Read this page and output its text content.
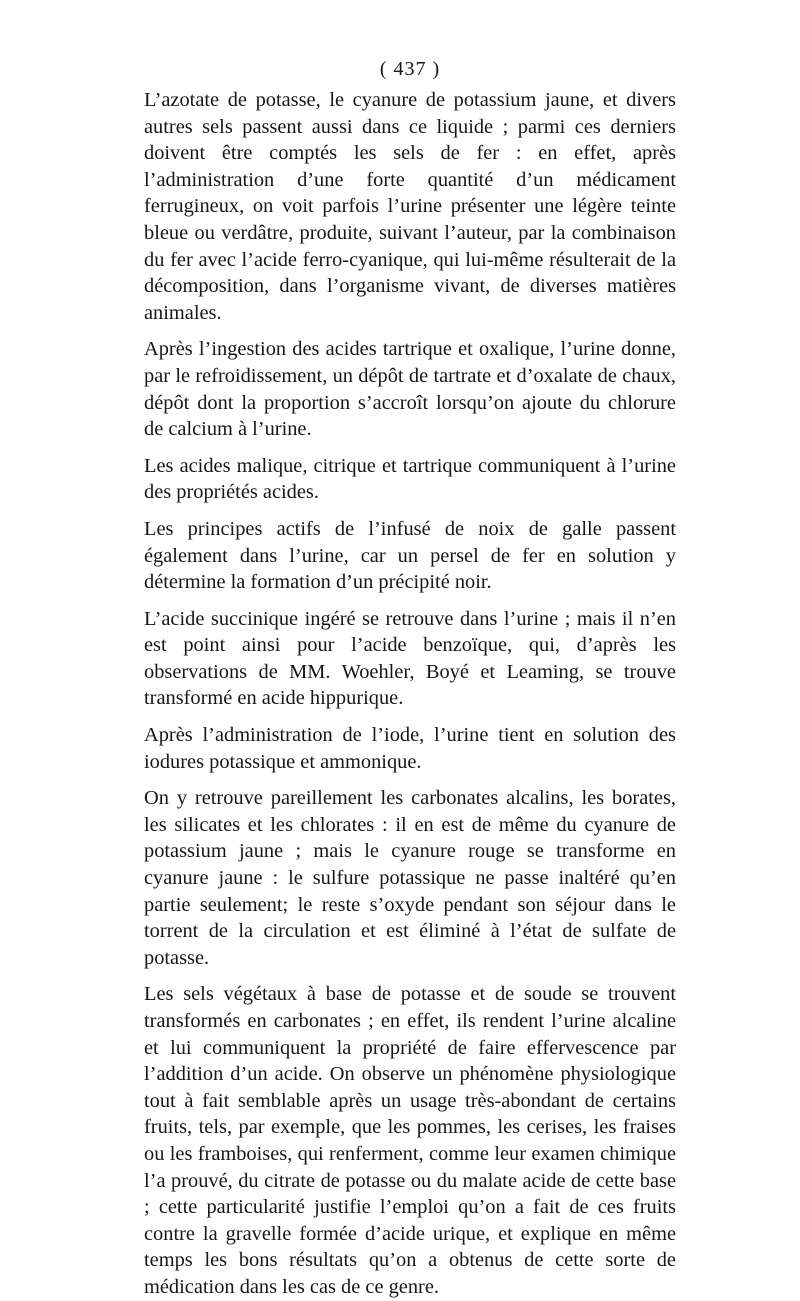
( 437 )

L’azotate de potasse, le cyanure de potassium jaune, et divers autres sels passent aussi dans ce liquide ; parmi ces derniers doivent être comptés les sels de fer : en effet, après l’administration d’une forte quantité d’un médicament ferrugineux, on voit parfois l’urine présenter une légère teinte bleue ou verdâtre, produite, suivant l’auteur, par la combinaison du fer avec l’acide ferro-cyanique, qui lui-même résulterait de la décomposition, dans l’organisme vivant, de diverses matières animales.

Après l’ingestion des acides tartrique et oxalique, l’urine donne, par le refroidissement, un dépôt de tartrate et d’oxalate de chaux, dépôt dont la proportion s’accroît lorsqu’on ajoute du chlorure de calcium à l’urine.

Les acides malique, citrique et tartrique communiquent à l’urine des propriétés acides.

Les principes actifs de l’infusé de noix de galle passent également dans l’urine, car un persel de fer en solution y détermine la formation d’un précipité noir.

L’acide succinique ingéré se retrouve dans l’urine ; mais il n’en est point ainsi pour l’acide benzoïque, qui, d’après les observations de MM. Woehler, Boyé et Leaming, se trouve transformé en acide hippurique.

Après l’administration de l’iode, l’urine tient en solution des iodures potassique et ammonique.

On y retrouve pareillement les carbonates alcalins, les borates, les silicates et les chlorates : il en est de même du cyanure de potassium jaune ; mais le cyanure rouge se transforme en cyanure jaune : le sulfure potassique ne passe inaltéré qu’en partie seulement; le reste s’oxyde pendant son séjour dans le torrent de la circulation et est éliminé à l’état de sulfate de potasse.

Les sels végétaux à base de potasse et de soude se trouvent transformés en carbonates ; en effet, ils rendent l’urine alcaline et lui communiquent la propriété de faire effervescence par l’addition d’un acide. On observe un phénomène physiologique tout à fait semblable après un usage très-abondant de certains fruits, tels, par exemple, que les pommes, les cerises, les fraises ou les framboises, qui renferment, comme leur examen chimique l’a prouvé, du citrate de potasse ou du malate acide de cette base ; cette particularité justifie l’emploi qu’on a fait de ces fruits contre la gravelle formée d’acide urique, et explique en même temps les bons résultats qu’on a obtenus de cette sorte de médication dans les cas de ce genre.
